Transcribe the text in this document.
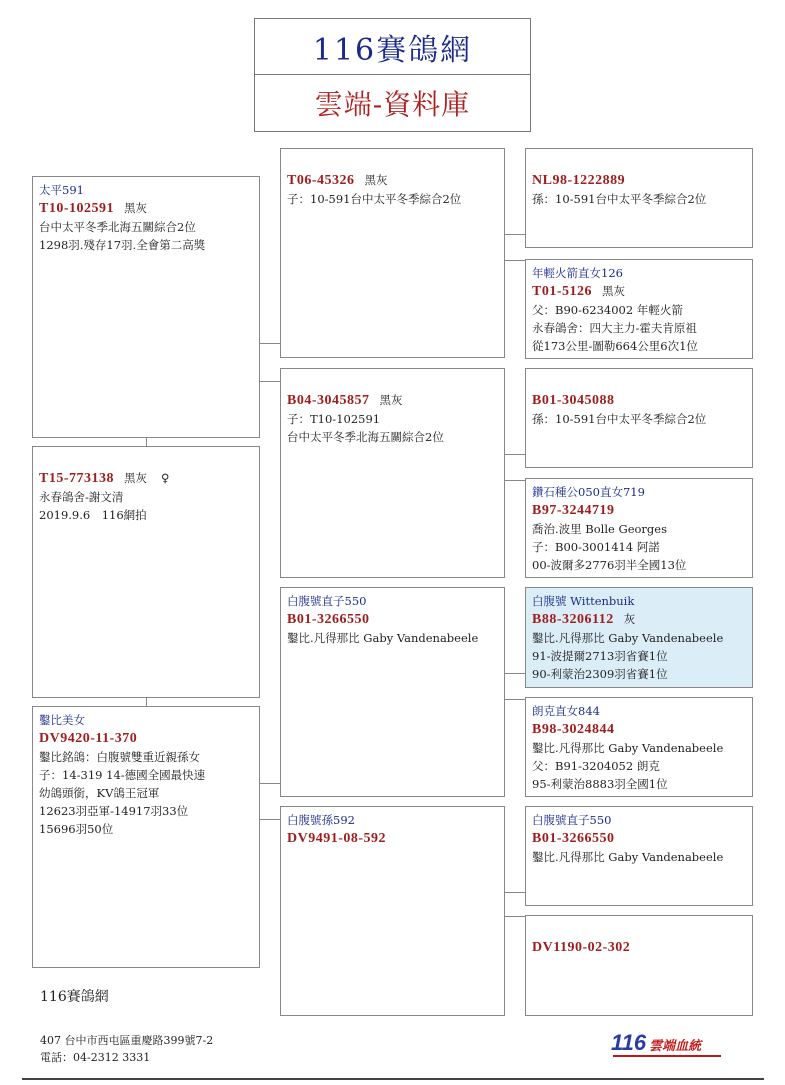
116賽鴿網
雲端-資料庫
太平591
T10-102591 黑灰
台中太平冬季北海五關綜合2位
1298羽.殘存17羽.全會第二高獎
T15-773138 黑灰 ♀
永春鴿舍-謝文清
2019.9.6　116網拍
鑿比美女
DV9420-11-370
鑿比銘鴿：白腹號雙重近親孫女
子：14-319 14-德國全國最快速
幼鴿頭銜，KV鴿王冠軍
12623羽亞軍-14917羽33位
15696羽50位
T06-45326 黑灰
子：10-591台中太平冬季綜合2位
B04-3045857 黑灰
子：T10-102591
台中太平冬季北海五關綜合2位
白腹號直子550
B01-3266550
鑿比.凡得那比 Gaby Vandenabeele
白腹號孫592
DV9491-08-592
NL98-1222889
孫：10-591台中太平冬季綜合2位
年輕火箭直女126
T01-5126 黑灰
父：B90-6234002 年輕火箭
永春鴿舍：四大主力-霍夫肯原祖
從173公里-圖勒664公里6次1位
B01-3045088
孫：10-591台中太平冬季綜合2位
鑽石種公050直女719
B97-3244719
喬治.波里 Bolle Georges
子：B00-3001414 阿諾
00-波爾多2776羽半全國13位
白腹號 Wittenbuik
B88-3206112 灰
鑿比.凡得那比 Gaby Vandenabeele
91-波提爾2713羽省賽1位
90-利蒙治2309羽省賽1位
朗克直女844
B98-3024844
鑿比.凡得那比 Gaby Vandenabeele
父：B91-3204052 朗克
95-利蒙治8883羽全國1位
白腹號直子550
B01-3266550
鑿比.凡得那比 Gaby Vandenabeele
DV1190-02-302
116賽鴿網
407 台中市西屯區重慶路399號7-2
電話：04-2312 3331
116 雲端血統
